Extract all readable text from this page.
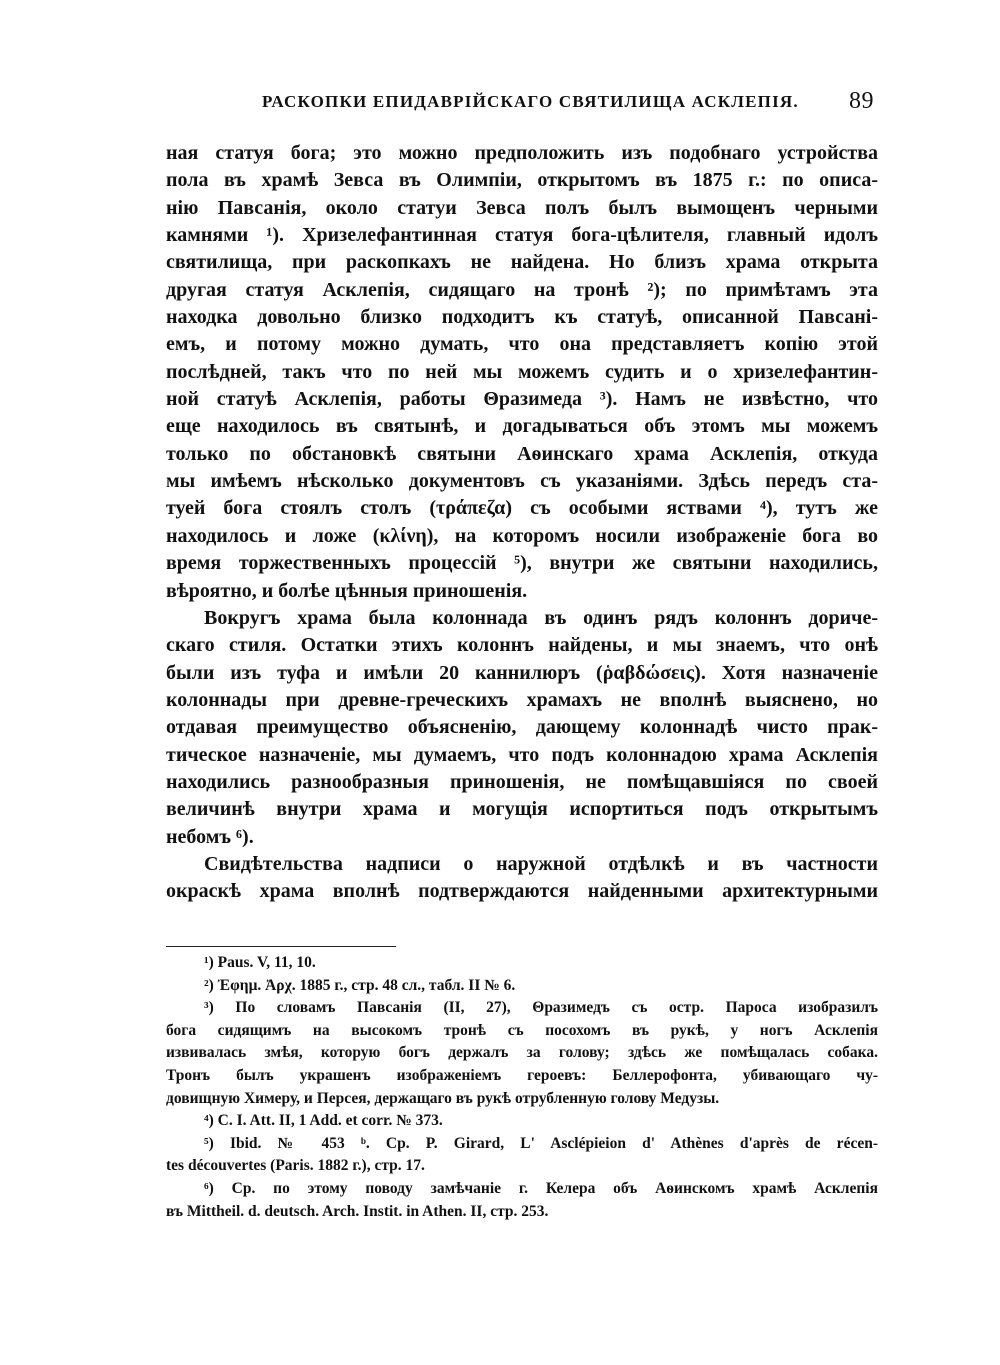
РАСКОПКИ ЕПИДАВРІЙСКАГО СВЯТИЛИЩА АСКЛЕПІЯ. 89
ная статуя бога; это можно предположить изъ подобнаго устройства
пола въ храмѣ Зевса въ Олимпіи, открытомъ въ 1875 г.: по описа-
нію Павсанія, около статуи Зевса полъ былъ вымощенъ черными
камнями ¹). Хризелефантинная статуя бога-цѣлителя, главный идолъ
святилища, при раскопкахъ не найдена. Но близъ храма открыта
другая статуя Асклепія, сидящаго на тронѣ ²); по примѣтамъ эта
находка довольно близко подходитъ къ статуѣ, описанной Павсані-
емъ, и потому можно думать, что она представляетъ копію этой
послѣдней, такъ что по ней мы можемъ судить и о хризелефантин-
ной статуѣ Асклепія, работы Θразимеда ³). Намъ не извѣстно, что
еще находилось въ святынѣ, и догадываться объ этомъ мы можемъ
только по обстановкѣ святыни Аѳинскаго храма Асклепія, откуда
мы имѣемъ нѣсколько документовъ съ указаніями. Здѣсь передъ ста-
туей бога стоялъ столъ (τράπεζα) съ особыми яствами ⁴), тутъ же
находилось и ложе (κλίνη), на которомъ носили изображеніе бога во
время торжественныхъ процессій ⁵), внутри же святыни находились,
вѣроятно, и болѣе цѣнныя приношенія.
Вокругъ храма была колоннада въ одинъ рядъ колоннъ дориче-
скаго стиля. Остатки этихъ колоннъ найдены, и мы знаемъ, что онѣ
были изъ туфа и имѣли 20 каннилюръ (ῥαβδώσεις). Хотя назначеніе
колоннады при древне-греческихъ храмахъ не вполнѣ выяснено, но
отдавая преимущество объясненію, дающему колоннадѣ чисто прак-
тическое назначеніе, мы думаемъ, что подъ колоннадою храма Асклепія
находились разнообразныя приношенія, не помѣщавшіяся по своей
величинѣ внутри храма и могущія испортиться подъ открытымъ
небомъ ⁶).
Свидѣтельства надписи о наружной отдѣлкѣ и въ частности
окраскѣ храма вполнѣ подтверждаются найденными архитектурными
¹) Paus. V, 11, 10.
²) Ἐφημ. Ἀρχ. 1885 г., стр. 48 сл., табл. II № 6.
³) По словамъ Павсанія (II, 27), Θразимедъ съ остр. Пароса изобразилъ
бога сидящимъ на высокомъ тронѣ съ посохомъ въ рукѣ, у ногъ Асклепія
извивалась змѣя, которую богъ держалъ за голову; здѣсь же помѣщалась собака.
Тронъ былъ украшенъ изображеніемъ героевъ: Беллерофонта, убивающаго чу-
довищную Химеру, и Персея, держащаго въ рукѣ отрубленную голову Медузы.
⁴) C. I. Att. II, 1 Add. et corr. № 373.
⁵) Ibid. № 453 ᵇ. Ср. P. Girard, L' Asclépieion d' Athènes d'après de récen-
tes découvertes (Paris. 1882 г.), стр. 17.
⁶) Ср. по этому поводу замѣчаніе г. Келера объ Аѳинскомъ храмѣ Асклепія
въ Mittheil. d. deutsch. Arch. Instit. in Athen. II, стр. 253.
